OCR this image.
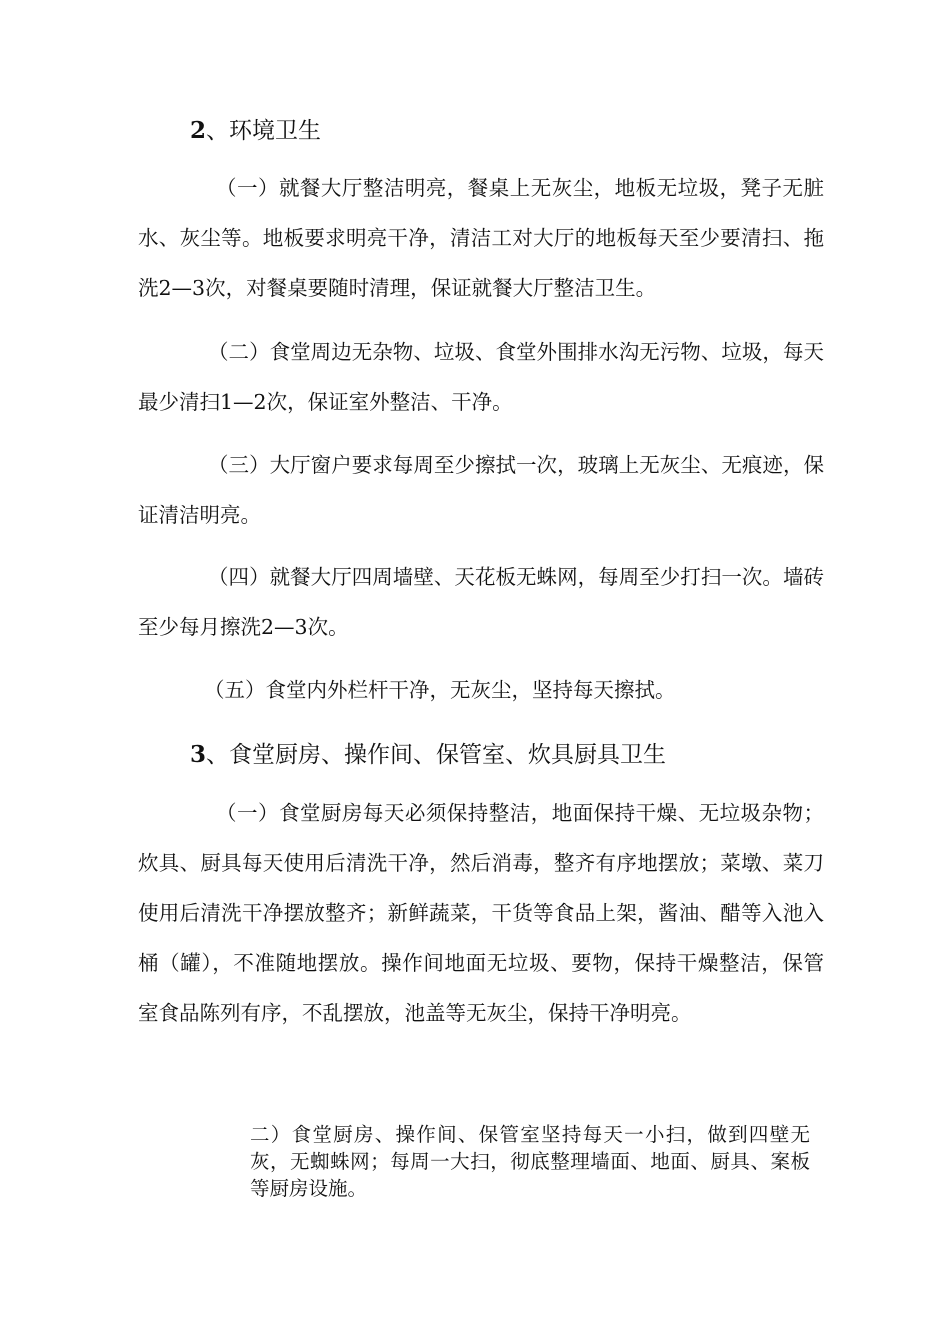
2、环境卫生

（一）就餐大厅整洁明亮，餐桌上无灰尘，地板无垃圾，凳子无脏水、灰尘等。地板要求明亮干净，清洁工对大厅的地板每天至少要清扫、拖洗2—3次，对餐桌要随时清理，保证就餐大厅整洁卫生。

（二）食堂周边无杂物、垃圾、食堂外围排水沟无污物、垃圾，每天最少清扫1—2次，保证室外整洁、干净。

（三）大厅窗户要求每周至少擦拭一次，玻璃上无灰尘、无痕迹，保证清洁明亮。

（四）就餐大厅四周墙壁、天花板无蛛网，每周至少打扫一次。墙砖至少每月擦洗2—3次。

（五）食堂内外栏杆干净，无灰尘，坚持每天擦拭。

3、食堂厨房、操作间、保管室、炊具厨具卫生

（一）食堂厨房每天必须保持整洁，地面保持干燥、无垃圾杂物；炊具、厨具每天使用后清洗干净，然后消毒，整齐有序地摆放；菜墩、菜刀使用后清洗干净摆放整齐；新鲜蔬菜，干货等食品上架，酱油、醋等入池入桶（罐），不准随地摆放。操作间地面无垃圾、要物，保持干燥整洁，保管室食品陈列有序，不乱摆放，池盖等无灰尘，保持干净明亮。

二）食堂厨房、操作间、保管室坚持每天一小扫，做到四壁无灰，无蜘蛛网；每周一大扫，彻底整理墙面、地面、厨具、案板等厨房设施。
